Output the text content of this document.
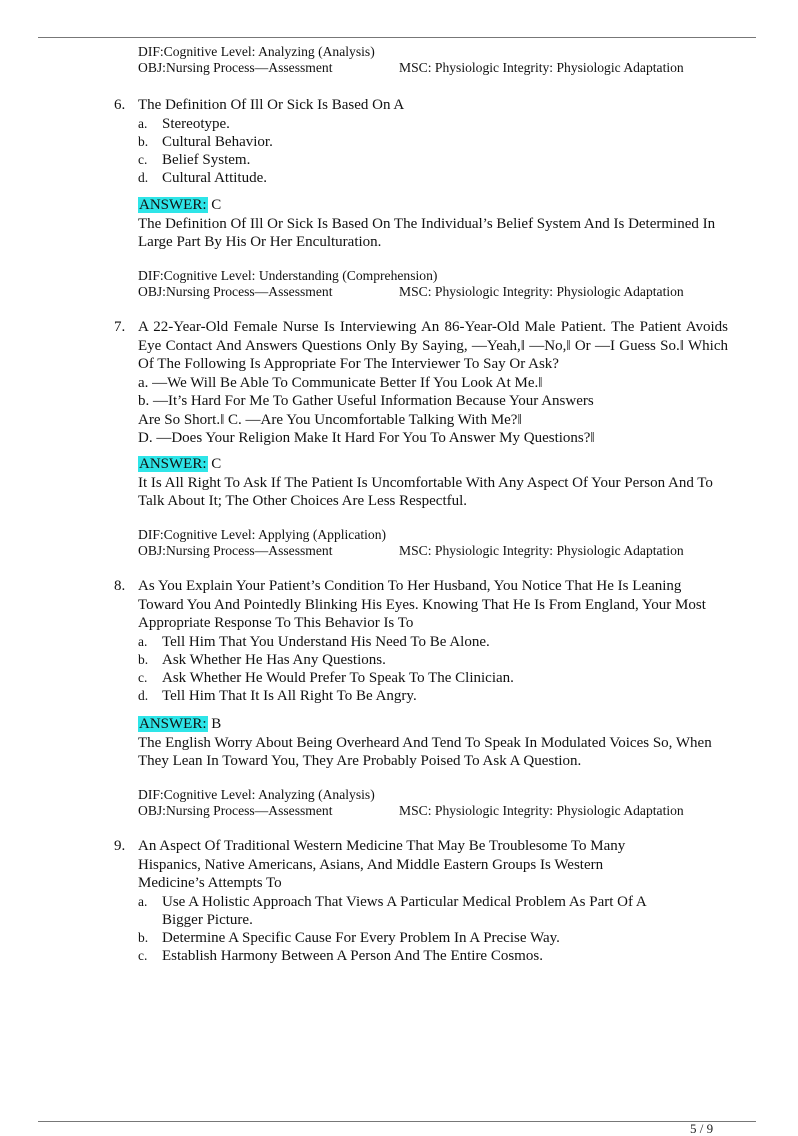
DIF:Cognitive Level: Analyzing (Analysis)
OBJ:Nursing Process—Assessment	MSC: Physiologic Integrity: Physiologic Adaptation
6. The Definition Of Ill Or Sick Is Based On A
a. Stereotype.
b. Cultural Behavior.
c. Belief System.
d. Cultural Attitude.
ANSWER: C
The Definition Of Ill Or Sick Is Based On The Individual’s Belief System And Is Determined In Large Part By His Or Her Enculturation.
DIF:Cognitive Level: Understanding (Comprehension)
OBJ:Nursing Process—Assessment	MSC: Physiologic Integrity: Physiologic Adaptation
7. A 22-Year-Old Female Nurse Is Interviewing An 86-Year-Old Male Patient. The Patient Avoids Eye Contact And Answers Questions Only By Saying, —Yeah,‖ —No,‖ Or —I Guess So.‖ Which Of The Following Is Appropriate For The Interviewer To Say Or Ask?
a. —We Will Be Able To Communicate Better If You Look At Me.‖
b. —It’s Hard For Me To Gather Useful Information Because Your Answers
Are So Short.‖ C. —Are You Uncomfortable Talking With Me?‖
D. —Does Your Religion Make It Hard For You To Answer My Questions?‖
ANSWER: C
It Is All Right To Ask If The Patient Is Uncomfortable With Any Aspect Of Your Person And To Talk About It; The Other Choices Are Less Respectful.
DIF:Cognitive Level: Applying (Application)
OBJ:Nursing Process—Assessment	MSC: Physiologic Integrity: Physiologic Adaptation
8. As You Explain Your Patient’s Condition To Her Husband, You Notice That He Is Leaning Toward You And Pointedly Blinking His Eyes. Knowing That He Is From England, Your Most Appropriate Response To This Behavior Is To
a. Tell Him That You Understand His Need To Be Alone.
b. Ask Whether He Has Any Questions.
c. Ask Whether He Would Prefer To Speak To The Clinician.
d. Tell Him That It Is All Right To Be Angry.
ANSWER: B
The English Worry About Being Overheard And Tend To Speak In Modulated Voices So, When They Lean In Toward You, They Are Probably Poised To Ask A Question.
DIF:Cognitive Level: Analyzing (Analysis)
OBJ:Nursing Process—Assessment	MSC: Physiologic Integrity: Physiologic Adaptation
9. An Aspect Of Traditional Western Medicine That May Be Troublesome To Many
Hispanics, Native Americans, Asians, And Middle Eastern Groups Is Western
Medicine’s Attempts To
a. Use A Holistic Approach That Views A Particular Medical Problem As Part Of A Bigger Picture.
b. Determine A Specific Cause For Every Problem In A Precise Way.
c. Establish Harmony Between A Person And The Entire Cosmos.
5 / 9
